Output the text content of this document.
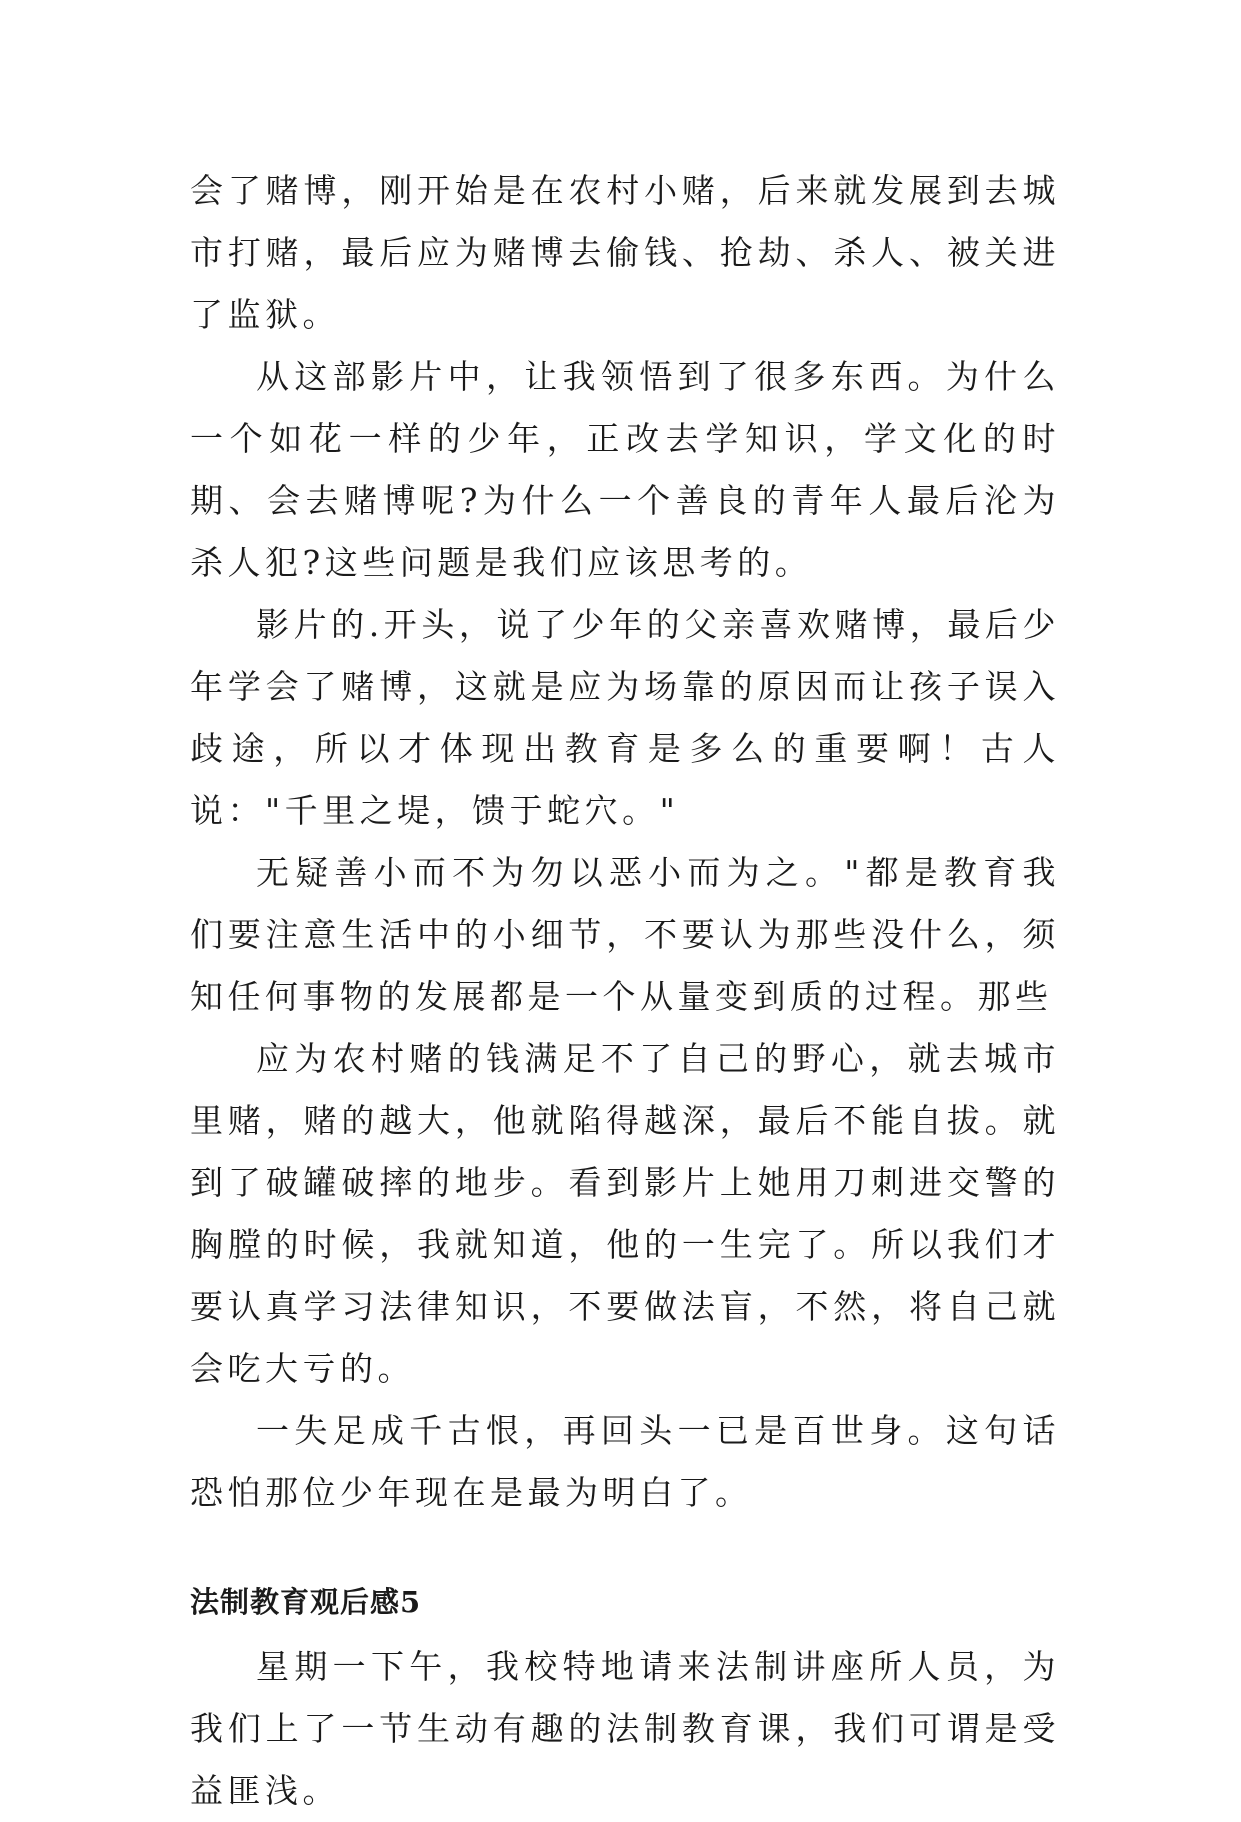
会了赌博，刚开始是在农村小赌，后来就发展到去城市打赌，最后应为赌博去偷钱、抢劫、杀人、被关进了监狱。

从这部影片中，让我领悟到了很多东西。为什么一个如花一样的少年，正改去学知识，学文化的时期、会去赌博呢?为什么一个善良的青年人最后沦为杀人犯?这些问题是我们应该思考的。

影片的.开头，说了少年的父亲喜欢赌博，最后少年学会了赌博，这就是应为场靠的原因而让孩子误入歧途，所以才体现出教育是多么的重要啊！古人说："千里之堤，馈于蛇穴。"

无疑善小而不为勿以恶小而为之。"都是教育我们要注意生活中的小细节，不要认为那些没什么，须知任何事物的发展都是一个从量变到质的过程。那些

应为农村赌的钱满足不了自己的野心，就去城市里赌，赌的越大，他就陷得越深，最后不能自拔。就到了破罐破摔的地步。看到影片上她用刀刺进交警的胸膛的时候，我就知道，他的一生完了。所以我们才要认真学习法律知识，不要做法盲，不然，将自己就会吃大亏的。

一失足成千古恨，再回头一已是百世身。这句话恐怕那位少年现在是最为明白了。

法制教育观后感5

星期一下午，我校特地请来法制讲座所人员，为我们上了一节生动有趣的法制教育课，我们可谓是受益匪浅。
